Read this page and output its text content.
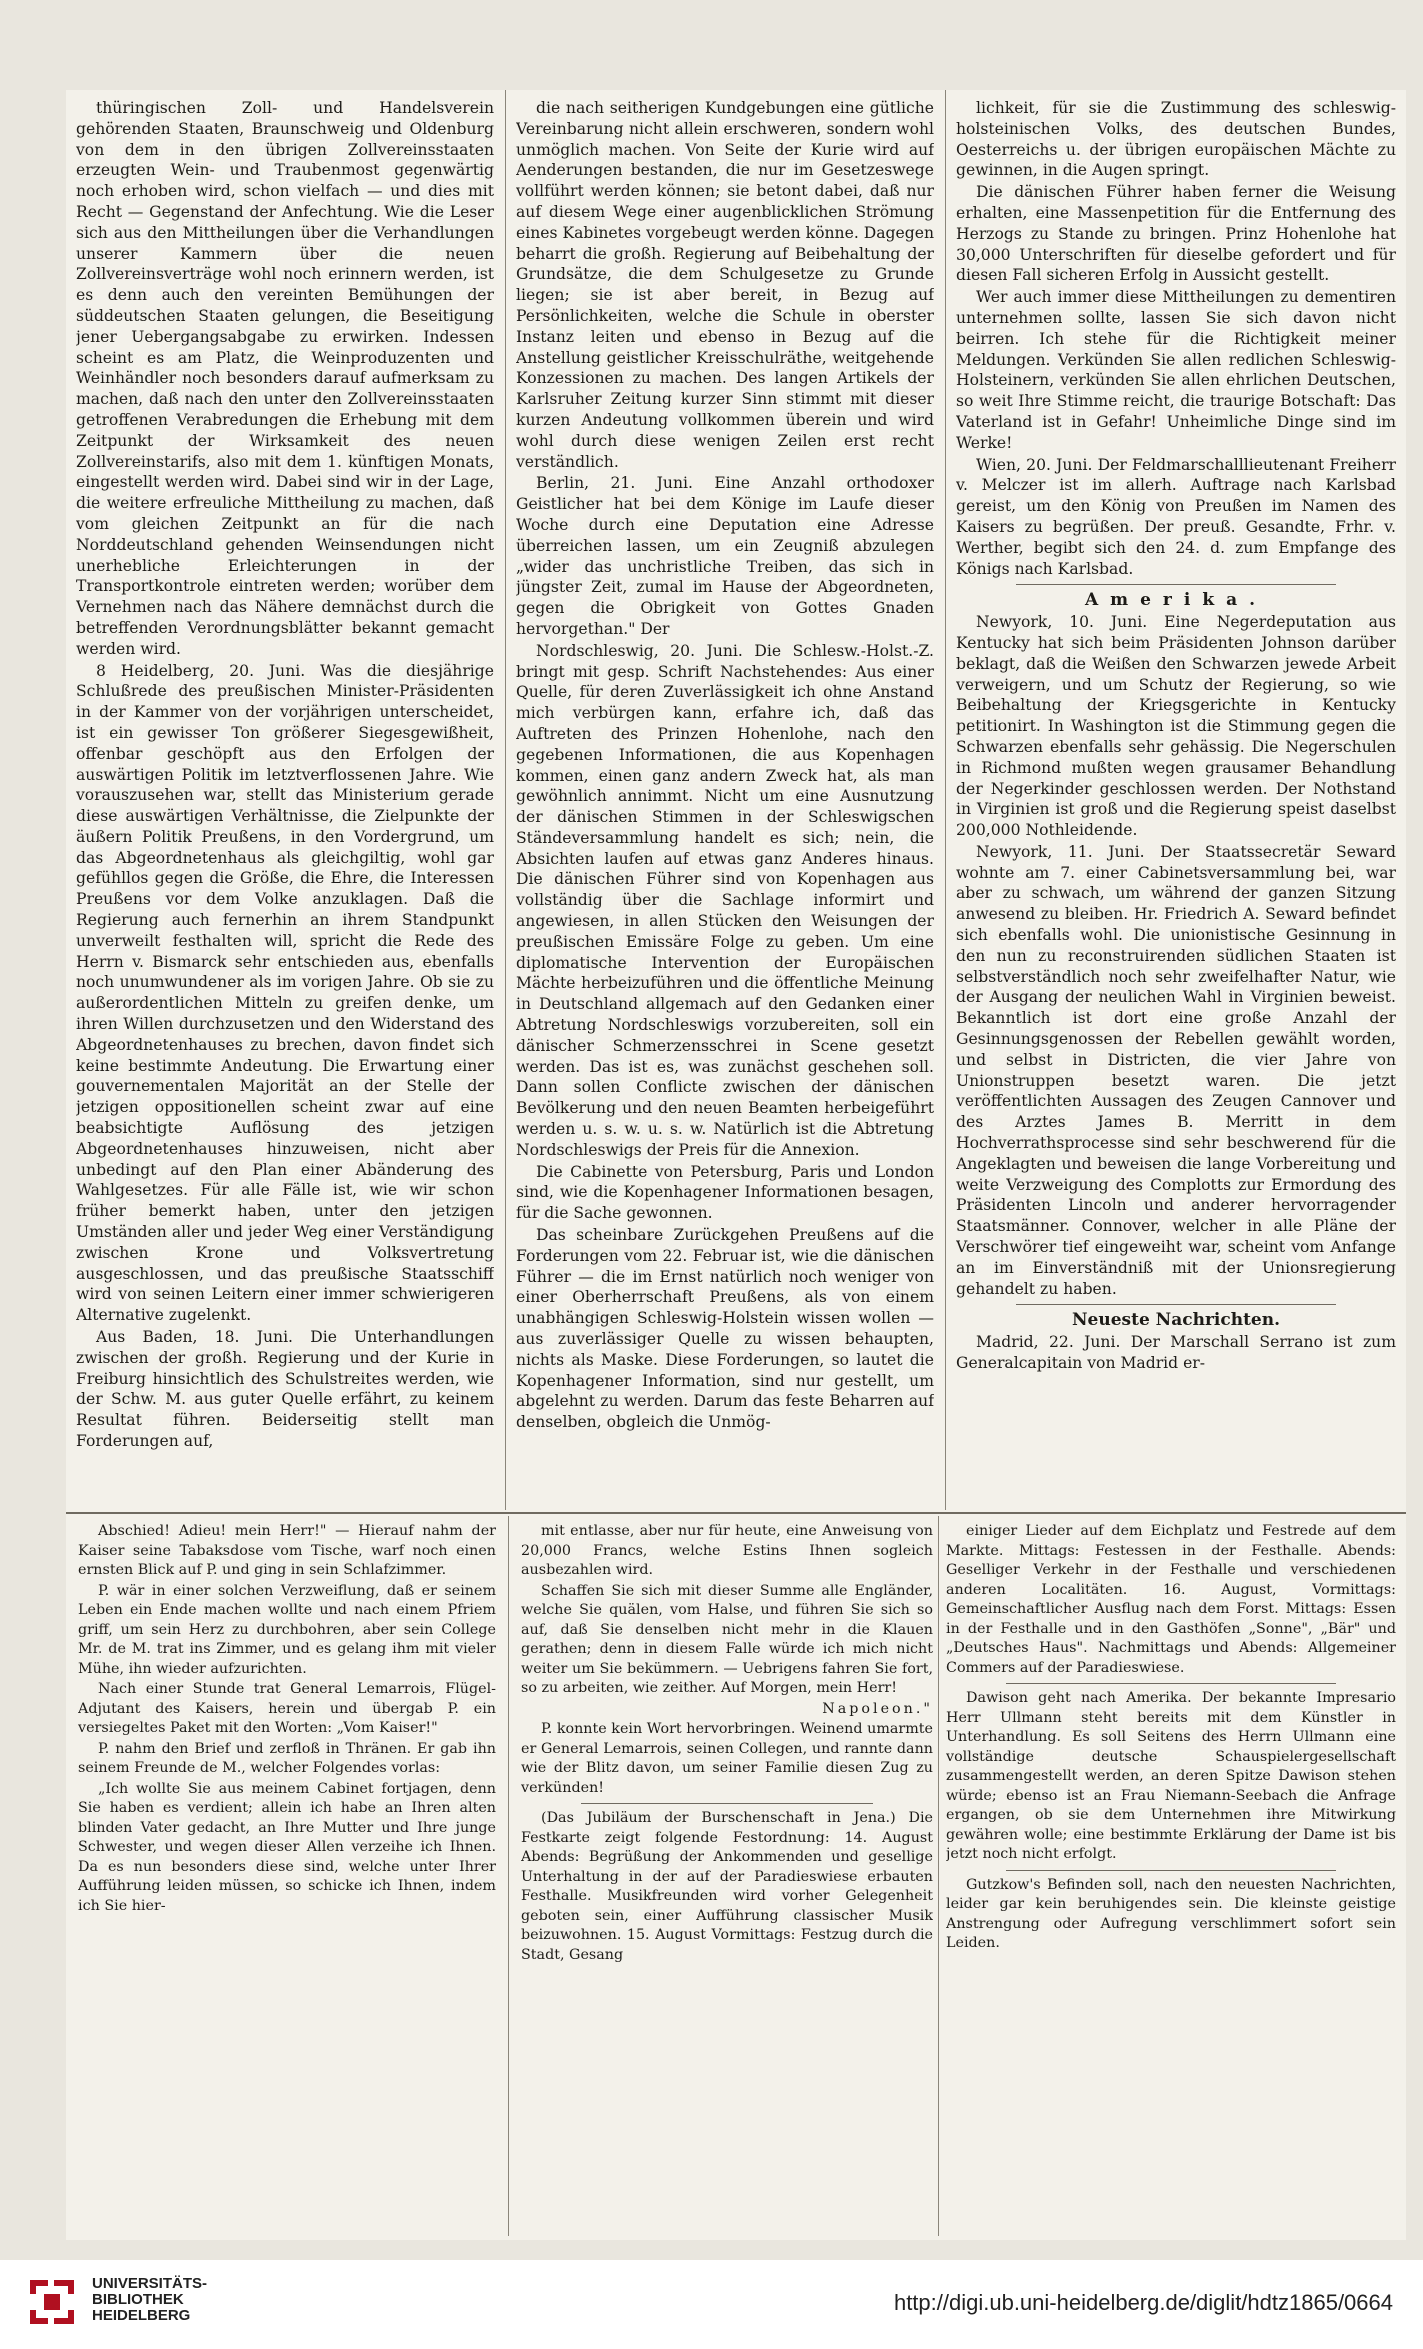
thüringischen Zoll- und Handelsverein gehörenden Staaten, Braunschweig und Oldenburg von dem in den übrigen Zollvereinsstaaten erzeugten Wein- und Traubenmost gegenwärtig noch erhoben wird, schon vielfach — und dies mit Recht — Gegenstand der Anfechtung. Wie die Leser sich aus den Mittheilungen über die Verhandlungen unserer Kammern über die neuen Zollvereinsverträge wohl noch erinnern werden, ist es denn auch den vereinten Bemühungen der süddeutschen Staaten gelungen, die Beseitigung jener Uebergangsabgabe zu erwirken. Indessen scheint es am Platz, die Weinproduzenten und Weinhändler noch besonders darauf aufmerksam zu machen, daß nach den unter den Zollvereinsstaaten getroffenen Verabredungen die Erhebung mit dem Zeitpunkt der Wirksamkeit des neuen Zollvereinstarifs, also mit dem 1. künftigen Monats, eingestellt werden wird. Dabei sind wir in der Lage, die weitere erfreuliche Mittheilung zu machen, daß vom gleichen Zeitpunkt an für die nach Norddeutschland gehenden Weinsendungen nicht unerhebliche Erleichterungen in der Transportkontrole eintreten werden; worüber dem Vernehmen nach das Nähere demnächst durch die betreffenden Verordnungsblätter bekannt gemacht werden wird.

8 Heidelberg, 20. Juni. Was die diesjährige Schlußrede des preußischen Minister-Präsidenten in der Kammer von der vorjährigen unterscheidet, ist ein gewisser Ton größerer Siegesgewißheit, offenbar geschöpft aus den Erfolgen der auswärtigen Politik im letztverflossenen Jahre. Wie vorauszusehen war, stellt das Ministerium gerade diese auswärtigen Verhältnisse, die Zielpunkte der äußern Politik Preußens, in den Vordergrund, um das Abgeordnetenhaus als gleichgiltig, wohl gar gefühllos gegen die Größe, die Ehre, die Interessen Preußens vor dem Volke anzuklagen. Daß die Regierung auch fernerhin an ihrem Standpunkt unverweilt festhalten will, spricht die Rede des Herrn v. Bismarck sehr entschieden aus, ebenfalls noch unumwundener als im vorigen Jahre. Ob sie zu außerordentlichen Mitteln zu greifen denke, um ihren Willen durchzusetzen und den Widerstand des Abgeordnetenhauses zu brechen, davon findet sich keine bestimmte Andeutung. Die Erwartung einer gouvernementalen Majorität an der Stelle der jetzigen oppositionellen scheint zwar auf eine beabsichtigte Auflösung des jetzigen Abgeordnetenhauses hinzuweisen, nicht aber unbedingt auf den Plan einer Abänderung des Wahlgesetzes. Für alle Fälle ist, wie wir schon früher bemerkt haben, unter den jetzigen Umständen aller und jeder Weg einer Verständigung zwischen Krone und Volksvertretung ausgeschlossen, und das preußische Staatsschiff wird von seinen Leitern einer immer schwierigeren Alternative zugelenkt.

Aus Baden, 18. Juni. Die Unterhandlungen zwischen der großh. Regierung und der Kurie in Freiburg hinsichtlich des Schulstreites werden, wie der Schw. M. aus guter Quelle erfährt, zu keinem Resultat führen. Beiderseitig stellt man Forderungen auf,

die nach seitherigen Kundgebungen eine gütliche Vereinbarung nicht allein erschweren, sondern wohl unmöglich machen. Von Seite der Kurie wird auf Aenderungen bestanden, die nur im Gesetzeswege vollführt werden können; sie betont dabei, daß nur auf diesem Wege einer augenblicklichen Strömung eines Kabinetes vorgebeugt werden könne. Dagegen beharrt die großh. Regierung auf Beibehaltung der Grundsätze, die dem Schulgesetze zu Grunde liegen; sie ist aber bereit, in Bezug auf Persönlichkeiten, welche die Schule in oberster Instanz leiten und ebenso in Bezug auf die Anstellung geistlicher Kreisschulräthe, weitgehende Konzessionen zu machen. Des langen Artikels der Karlsruher Zeitung kurzer Sinn stimmt mit dieser kurzen Andeutung vollkommen überein und wird wohl durch diese wenigen Zeilen erst recht verständlich.

Berlin, 21. Juni. Eine Anzahl orthodoxer Geistlicher hat bei dem Könige im Laufe dieser Woche durch eine Deputation eine Adresse überreichen lassen, um ein Zeugniß abzulegen „wider das unchristliche Treiben, das sich in jüngster Zeit, zumal im Hause der Abgeordneten, gegen die Obrigkeit von Gottes Gnaden hervorgethan." Der

Nordschleswig, 20. Juni. Die Schlesw.-Holst.-Z. bringt mit gesp. Schrift Nachstehendes: Aus einer Quelle, für deren Zuverlässigkeit ich ohne Anstand mich verbürgen kann, erfahre ich, daß das Auftreten des Prinzen Hohenlohe, nach den gegebenen Informationen, die aus Kopenhagen kommen, einen ganz andern Zweck hat, als man gewöhnlich annimmt. Nicht um eine Ausnutzung der dänischen Stimmen in der Schleswigschen Ständeversammlung handelt es sich; nein, die Absichten laufen auf etwas ganz Anderes hinaus. Die dänischen Führer sind von Kopenhagen aus vollständig über die Sachlage informirt und angewiesen, in allen Stücken den Weisungen der preußischen Emissäre Folge zu geben. Um eine diplomatische Intervention der Europäischen Mächte herbeizuführen und die öffentliche Meinung in Deutschland allgemach auf den Gedanken einer Abtretung Nordschleswigs vorzubereiten, soll ein dänischer Schmerzensschrei in Scene gesetzt werden. Das ist es, was zunächst geschehen soll. Dann sollen Conflicte zwischen der dänischen Bevölkerung und den neuen Beamten herbeigeführt werden u. s. w. u. s. w. Natürlich ist die Abtretung Nordschleswigs der Preis für die Annexion.

Die Cabinette von Petersburg, Paris und London sind, wie die Kopenhagener Informationen besagen, für die Sache gewonnen.

Das scheinbare Zurückgehen Preußens auf die Forderungen vom 22. Februar ist, wie die dänischen Führer — die im Ernst natürlich noch weniger von einer Oberherrschaft Preußens, als von einem unabhängigen Schleswig-Holstein wissen wollen — aus zuverlässiger Quelle zu wissen behaupten, nichts als Maske. Diese Forderungen, so lautet die Kopenhagener Information, sind nur gestellt, um abgelehnt zu werden. Darum das feste Beharren auf denselben, obgleich die Unmög-

lichkeit, für sie die Zustimmung des schleswig-holsteinischen Volks, des deutschen Bundes, Oesterreichs u. der übrigen europäischen Mächte zu gewinnen, in die Augen springt.

Die dänischen Führer haben ferner die Weisung erhalten, eine Massenpetition für die Entfernung des Herzogs zu Stande zu bringen. Prinz Hohenlohe hat 30,000 Unterschriften für dieselbe gefordert und für diesen Fall sicheren Erfolg in Aussicht gestellt.

Wer auch immer diese Mittheilungen zu dementiren unternehmen sollte, lassen Sie sich davon nicht beirren. Ich stehe für die Richtigkeit meiner Meldungen. Verkünden Sie allen redlichen Schleswig-Holsteinern, verkünden Sie allen ehrlichen Deutschen, so weit Ihre Stimme reicht, die traurige Botschaft: Das Vaterland ist in Gefahr! Unheimliche Dinge sind im Werke!

Wien, 20. Juni. Der Feldmarschalllieutenant Freiherr v. Melczer ist im allerh. Auftrage nach Karlsbad gereist, um den König von Preußen im Namen des Kaisers zu begrüßen. Der preuß. Gesandte, Frhr. v. Werther, begibt sich den 24. d. zum Empfange des Königs nach Karlsbad.

Amerika.

Newyork, 10. Juni. Eine Negerdeputation aus Kentucky hat sich beim Präsidenten Johnson darüber beklagt, daß die Weißen den Schwarzen jewede Arbeit verweigern, und um Schutz der Regierung, so wie Beibehaltung der Kriegsgerichte in Kentucky petitionirt. In Washington ist die Stimmung gegen die Schwarzen ebenfalls sehr gehässig. Die Negerschulen in Richmond mußten wegen grausamer Behandlung der Negerkinder geschlossen werden. Der Nothstand in Virginien ist groß und die Regierung speist daselbst 200,000 Nothleidende.

Newyork, 11. Juni. Der Staatssecretär Seward wohnte am 7. einer Cabinetsversammlung bei, war aber zu schwach, um während der ganzen Sitzung anwesend zu bleiben. Hr. Friedrich A. Seward befindet sich ebenfalls wohl. Die unionistische Gesinnung in den nun zu reconstruirenden südlichen Staaten ist selbstverständlich noch sehr zweifelhafter Natur, wie der Ausgang der neulichen Wahl in Virginien beweist. Bekanntlich ist dort eine große Anzahl der Gesinnungsgenossen der Rebellen gewählt worden, und selbst in Districten, die vier Jahre von Unionstruppen besetzt waren. Die jetzt veröffentlichten Aussagen des Zeugen Cannover und des Arztes James B. Merritt in dem Hochverrathsprocesse sind sehr beschwerend für die Angeklagten und beweisen die lange Vorbereitung und weite Verzweigung des Complotts zur Ermordung des Präsidenten Lincoln und anderer hervorragender Staatsmänner. Connover, welcher in alle Pläne der Verschwörer tief eingeweiht war, scheint vom Anfange an im Einverständniß mit der Unionsregierung gehandelt zu haben.

Neueste Nachrichten.

Madrid, 22. Juni. Der Marschall Serrano ist zum Generalcapitain von Madrid er-

Abschied! Adieu! mein Herr!" — Hierauf nahm der Kaiser seine Tabaksdose vom Tische, warf noch einen ernsten Blick auf P. und ging in sein Schlafzimmer.

P. wär in einer solchen Verzweiflung, daß er seinem Leben ein Ende machen wollte und nach einem Pfriem griff, um sein Herz zu durchbohren, aber sein College Mr. de M. trat ins Zimmer, und es gelang ihm mit vieler Mühe, ihn wieder aufzurichten.

Nach einer Stunde trat General Lemarrois, Flügel-Adjutant des Kaisers, herein und übergab P. ein versiegeltes Paket mit den Worten: „Vom Kaiser!"

P. nahm den Brief und zerfloß in Thränen. Er gab ihn seinem Freunde de M., welcher Folgendes vorlas:

„Ich wollte Sie aus meinem Cabinet fortjagen, denn Sie haben es verdient; allein ich habe an Ihren alten blinden Vater gedacht, an Ihre Mutter und Ihre junge Schwester, und wegen dieser Allen verzeihe ich Ihnen. Da es nun besonders diese sind, welche unter Ihrer Aufführung leiden müssen, so schicke ich Ihnen, indem ich Sie hier-

mit entlasse, aber nur für heute, eine Anweisung von 20,000 Francs, welche Estins Ihnen sogleich ausbezahlen wird.

Schaffen Sie sich mit dieser Summe alle Engländer, welche Sie quälen, vom Halse, und führen Sie sich so auf, daß Sie denselben nicht mehr in die Klauen gerathen; denn in diesem Falle würde ich mich nicht weiter um Sie bekümmern. — Uebrigens fahren Sie fort, so zu arbeiten, wie zeither. Auf Morgen, mein Herr!

Napoleon."

P. konnte kein Wort hervorbringen. Weinend umarmte er General Lemarrois, seinen Collegen, und rannte dann wie der Blitz davon, um seiner Familie diesen Zug zu verkünden!

(Das Jubiläum der Burschenschaft in Jena.) Die Festkarte zeigt folgende Festordnung: 14. August Abends: Begrüßung der Ankommenden und gesellige Unterhaltung in der auf der Paradieswiese erbauten Festhalle. Musikfreunden wird vorher Gelegenheit geboten sein, einer Aufführung classischer Musik beizuwohnen. 15. August Vormittags: Festzug durch die Stadt, Gesang

einiger Lieder auf dem Eichplatz und Festrede auf dem Markte. Mittags: Festessen in der Festhalle. Abends: Geselliger Verkehr in der Festhalle und verschiedenen anderen Localitäten. 16. August, Vormittags: Gemeinschaftlicher Ausflug nach dem Forst. Mittags: Essen in der Festhalle und in den Gasthöfen „Sonne", „Bär" und „Deutsches Haus". Nachmittags und Abends: Allgemeiner Commers auf der Paradieswiese.

Dawison geht nach Amerika. Der bekannte Impresario Herr Ullmann steht bereits mit dem Künstler in Unterhandlung. Es soll Seitens des Herrn Ullmann eine vollständige deutsche Schauspielergesellschaft zusammengestellt werden, an deren Spitze Dawison stehen würde; ebenso ist an Frau Niemann-Seebach die Anfrage ergangen, ob sie dem Unternehmen ihre Mitwirkung gewähren wolle; eine bestimmte Erklärung der Dame ist bis jetzt noch nicht erfolgt.

Gutzkow's Befinden soll, nach den neuesten Nachrichten, leider gar kein beruhigendes sein. Die kleinste geistige Anstrengung oder Aufregung verschlimmert sofort sein Leiden.

UNIVERSITÄTS-
BIBLIOTHEK
HEIDELBERG
http://digi.ub.uni-heidelberg.de/diglit/hdtz1865/0664
